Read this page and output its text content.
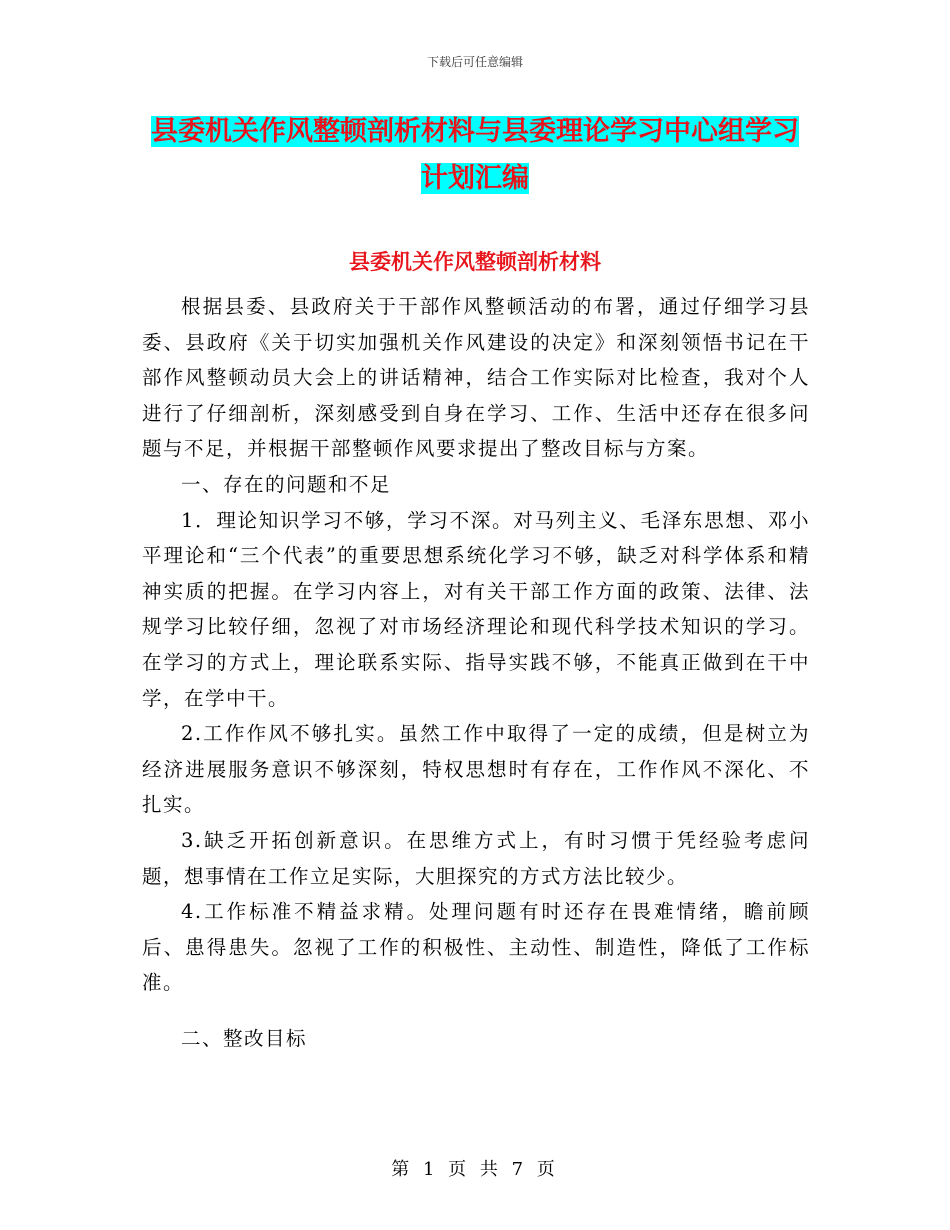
下载后可任意编辑
县委机关作风整顿剖析材料与县委理论学习中心组学习计划汇编
县委机关作风整顿剖析材料

根据县委、县政府关于干部作风整顿活动的布署，通过仔细学习县委、县政府《关于切实加强机关作风建设的决定》和深刻领悟书记在干部作风整顿动员大会上的讲话精神，结合工作实际对比检查，我对个人进行了仔细剖析，深刻感受到自身在学习、工作、生活中还存在很多问题与不足，并根据干部整顿作风要求提出了整改目标与方案。

一、存在的问题和不足

1．理论知识学习不够，学习不深。对马列主义、毛泽东思想、邓小平理论和“三个代表”的重要思想系统化学习不够，缺乏对科学体系和精神实质的把握。在学习内容上，对有关干部工作方面的政策、法律、法规学习比较仔细，忽视了对市场经济理论和现代科学技术知识的学习。在学习的方式上，理论联系实际、指导实践不够，不能真正做到在干中学，在学中干。

2.工作作风不够扎实。虽然工作中取得了一定的成绩，但是树立为经济进展服务意识不够深刻，特权思想时有存在，工作作风不深化、不扎实。

3.缺乏开拓创新意识。在思维方式上，有时习惯于凭经验考虑问题，想事情在工作立足实际，大胆探究的方式方法比较少。

4.工作标准不精益求精。处理问题有时还存在畏难情绪，瞻前顾后、患得患失。忽视了工作的积极性、主动性、制造性，降低了工作标准。

二、整改目标

第 1 页 共 7 页
